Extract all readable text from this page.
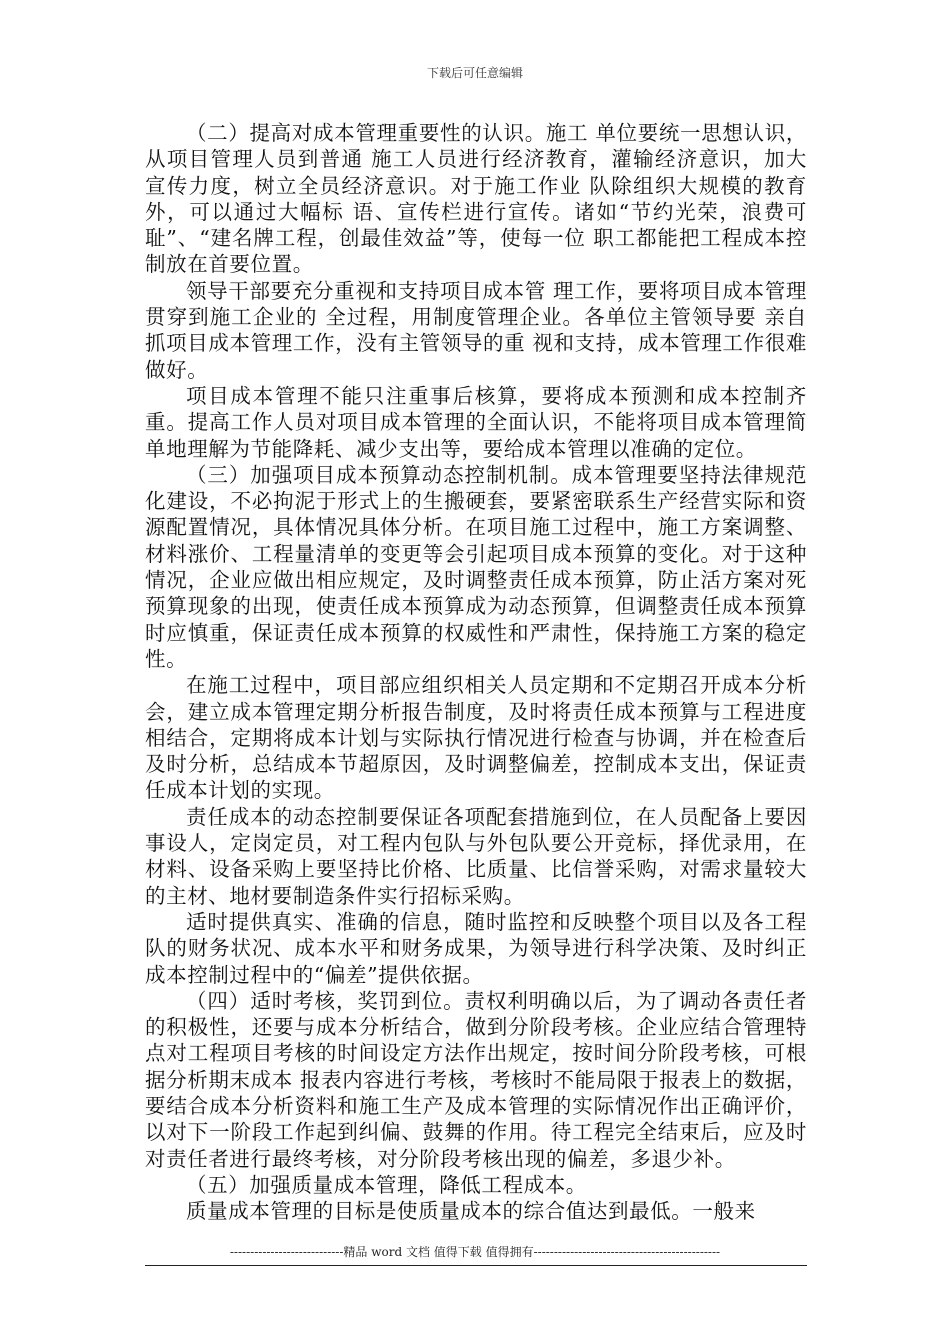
下载后可任意编辑

（二）提高对成本管理重要性的认识。施工 单位要统一思想认识，从项目管理人员到普通 施工人员进行经济教育，灌输经济意识，加大 宣传力度，树立全员经济意识。对于施工作业 队除组织大规模的教育外，可以通过大幅标 语、宣传栏进行宣传。诸如“节约光荣，浪费可 耻”、“建名牌工程，创最佳效益”等，使每一位 职工都能把工程成本控制放在首要位置。

领导干部要充分重视和支持项目成本管 理工作，要将项目成本管理贯穿到施工企业的 全过程，用制度管理企业。各单位主管领导要 亲自抓项目成本管理工作，没有主管领导的重 视和支持，成本管理工作很难做好。

项目成本管理不能只注重事后核算，要将成本预测和成本控制齐重。提高工作人员对项目成本管理的全面认识，不能将项目成本管理简单地理解为节能降耗、减少支出等，要给成本管理以准确的定位。

（三）加强项目成本预算动态控制机制。成本管理要坚持法律规范化建设，不必拘泥于形式上的生搬硬套，要紧密联系生产经营实际和资源配置情况，具体情况具体分析。在项目施工过程中，施工方案调整、材料涨价、工程量清单的变更等会引起项目成本预算的变化。对于这种情况，企业应做出相应规定，及时调整责任成本预算，防止活方案对死预算现象的出现，使责任成本预算成为动态预算，但调整责任成本预算时应慎重，保证责任成本预算的权威性和严肃性，保持施工方案的稳定性。

在施工过程中，项目部应组织相关人员定期和不定期召开成本分析会，建立成本管理定期分析报告制度，及时将责任成本预算与工程进度相结合，定期将成本计划与实际执行情况进行检查与协调，并在检查后及时分析，总结成本节超原因，及时调整偏差，控制成本支出，保证责任成本计划的实现。

责任成本的动态控制要保证各项配套措施到位，在人员配备上要因事设人，定岗定员，对工程内包队与外包队要公开竞标，择优录用，在材料、设备采购上要坚持比价格、比质量、比信誉采购，对需求量较大的主材、地材要制造条件实行招标采购。

适时提供真实、准确的信息，随时监控和反映整个项目以及各工程队的财务状况、成本水平和财务成果，为领导进行科学决策、及时纠正成本控制过程中的“偏差”提供依据。

（四）适时考核，奖罚到位。责权利明确以后，为了调动各责任者的积极性，还要与成本分析结合，做到分阶段考核。企业应结合管理特点对工程项目考核的时间设定方法作出规定，按时间分阶段考核，可根据分析期末成本 报表内容进行考核，考核时不能局限于报表上的数据，要结合成本分析资料和施工生产及成本管理的实际情况作出正确评价，以对下一阶段工作起到纠偏、鼓舞的作用。待工程完全结束后，应及时对责任者进行最终考核，对分阶段考核出现的偏差，多退少补。

（五）加强质量成本管理，降低工程成本。

质量成本管理的目标是使质量成本的综合值达到最低。一般来

----------------------------精品 word 文档 值得下载 值得拥有----------------------------------------------
